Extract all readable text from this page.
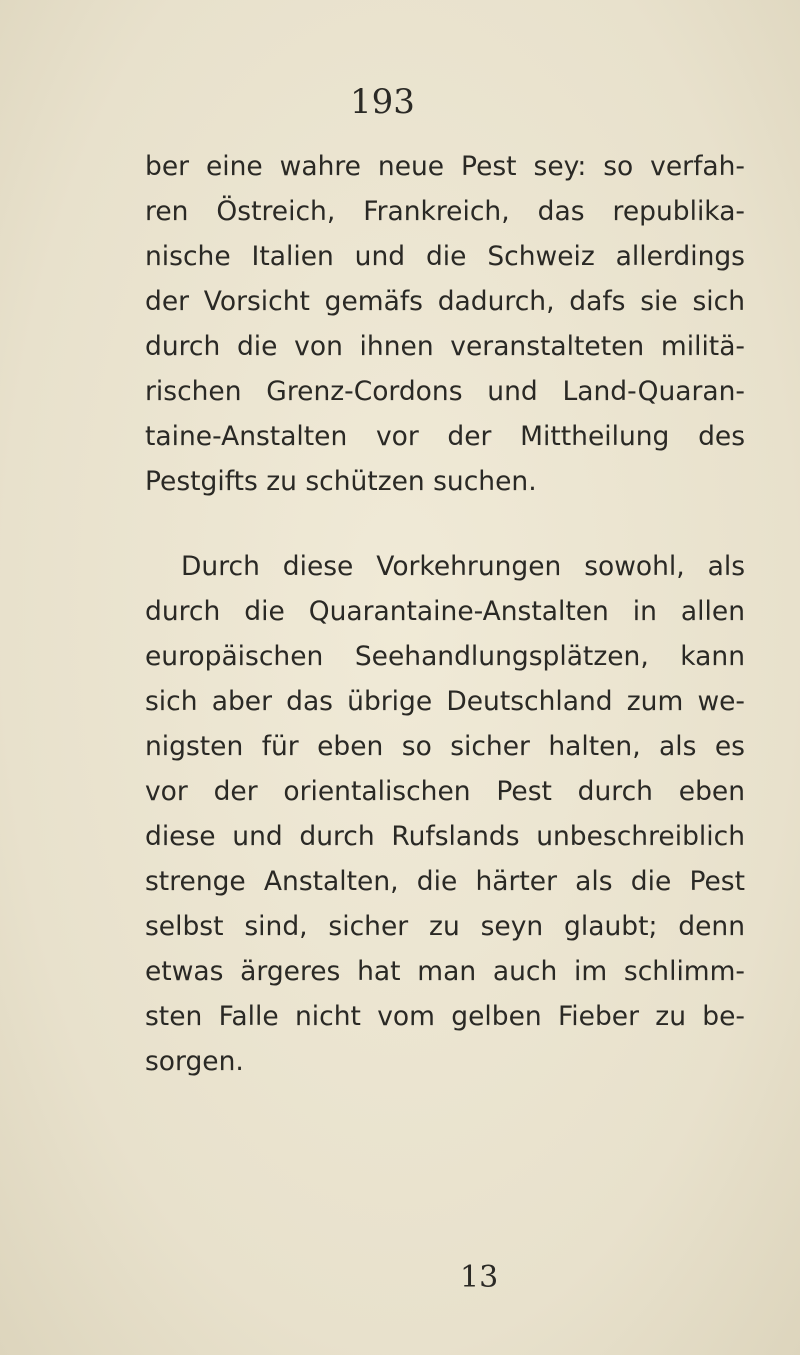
193
ber eine wahre neue Pest sey: so verfah-
ren Östreich, Frankreich, das republika-
nische Italien und die Schweiz allerdings
der Vorsicht gemäfs dadurch, dafs sie sich
durch die von ihnen veranstalteten militä-
rischen Grenz-Cordons und Land-Quaran-
taine-Anstalten vor der Mittheilung des
Pestgifts zu schützen suchen.
Durch diese Vorkehrungen sowohl, als
durch die Quarantaine-Anstalten in allen
europäischen Seehandlungsplätzen, kann
sich aber das übrige Deutschland zum we-
nigsten für eben so sicher halten, als es
vor der orientalischen Pest durch eben
diese und durch Rufslands unbeschreiblich
strenge Anstalten, die härter als die Pest
selbst sind, sicher zu seyn glaubt; denn
etwas ärgeres hat man auch im schlimm-
sten Falle nicht vom gelben Fieber zu be-
sorgen.
13
